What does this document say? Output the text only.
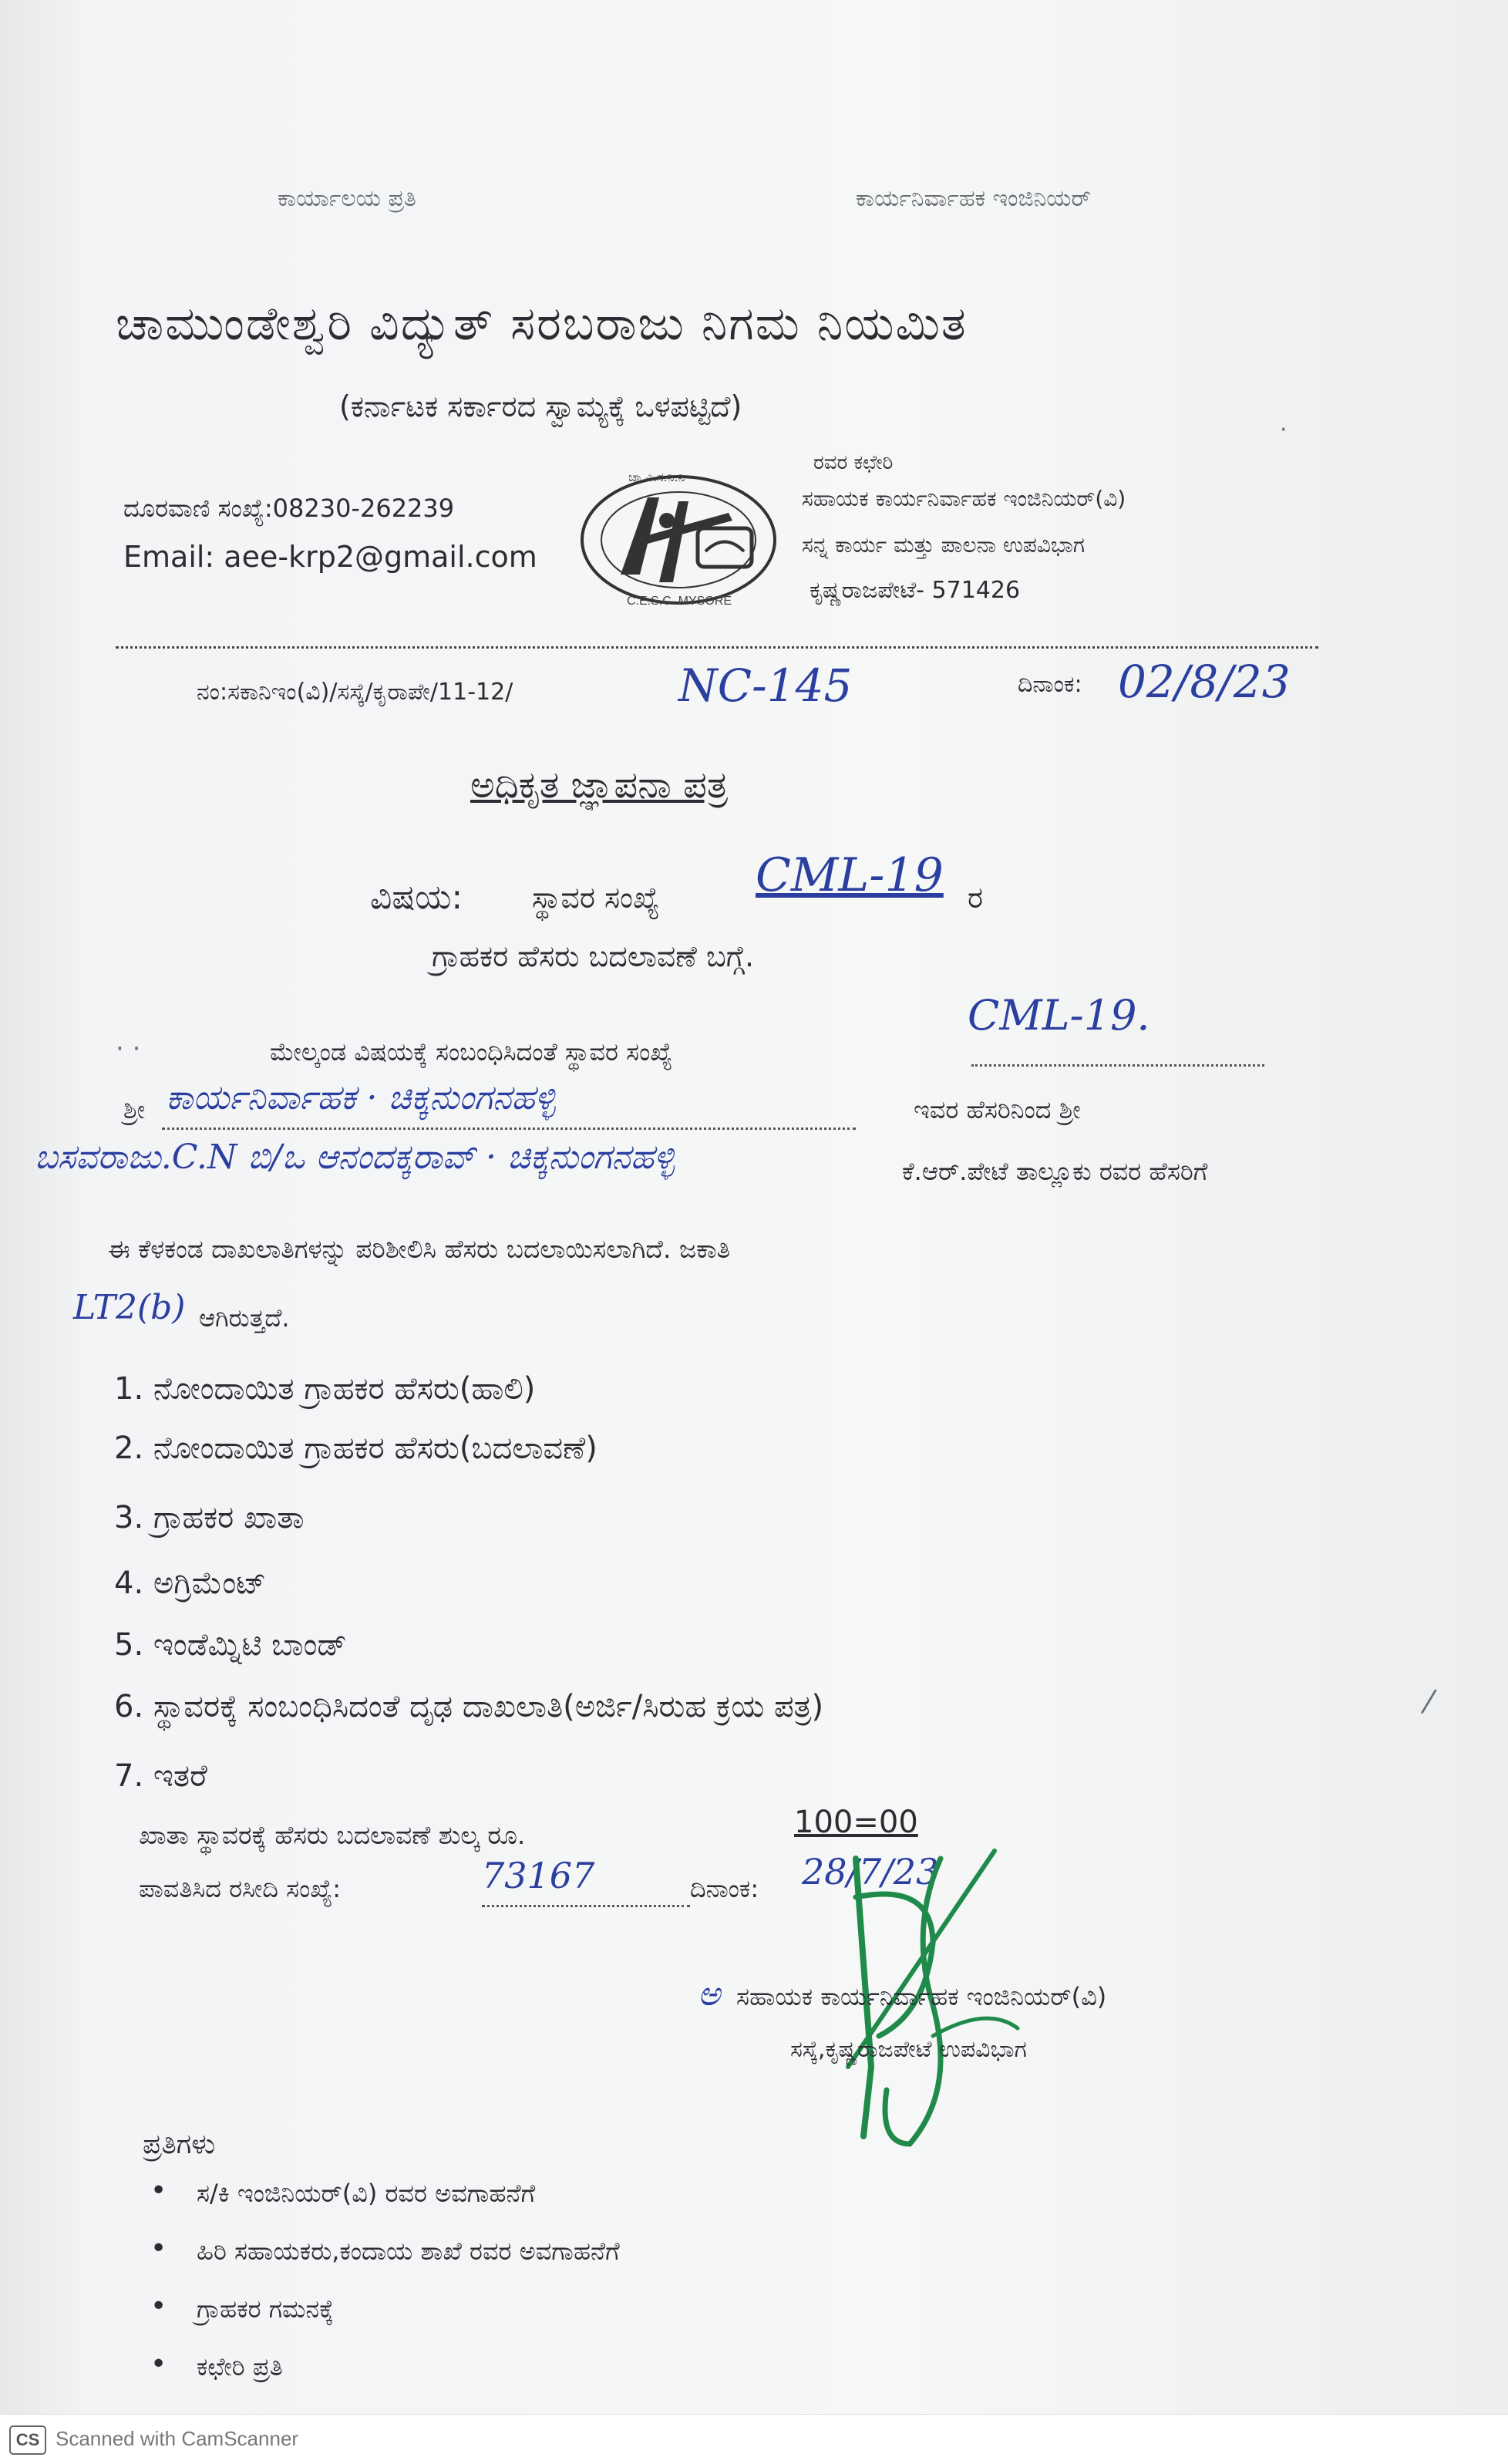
ಕಾರ್ಯಾಲಯ ಪ್ರತಿ	ಕಾರ್ಯನಿರ್ವಾಹಕ ಇಂಜಿನಿಯರ್
ಚಾಮುಂಡೇಶ್ವರಿ ವಿದ್ಯುತ್ ಸರಬರಾಜು ನಿಗಮ ನಿಯಮಿತ
(ಕರ್ನಾಟಕ ಸರ್ಕಾರದ ಸ್ವಾಮ್ಯಕ್ಕೆ ಒಳಪಟ್ಟಿದೆ)
ದೂರವಾಣಿ ಸಂಖ್ಯೆ:08230-262239
Email: aee-krp2@gmail.com
ಚಾ.ವಿ.ಸ.ನಿ.ನಿ
C.E.S.C. MYSORE
ರವರ ಕಛೇರಿ
ಸಹಾಯಕ ಕಾರ್ಯನಿರ್ವಾಹಕ ಇಂಜಿನಿಯರ್(ವಿ)
ಸನ್ನ ಕಾರ್ಯ ಮತ್ತು ಪಾಲನಾ ಉಪವಿಭಾಗ
ಕೃಷ್ಣರಾಜಪೇಟೆ- 571426
ನಂ:ಸಕಾನಿಇಂ(ವಿ)/ಸಸ್ಕೆ/ಕೃರಾಪೇ/11-12/	NC-145	ದಿನಾಂಕ: 02/8/23
ಅಧಿಕೃತ ಜ್ಞಾಪನಾ ಪತ್ರ
ವಿಷಯ: ಸ್ಥಾವರ ಸಂಖ್ಯೆ CML-19 ರ
ಗ್ರಾಹಕರ ಹೆಸರು ಬದಲಾವಣೆ ಬಗ್ಗೆ.
CML-19.
· ·	ಮೇಲ್ಕಂಡ ವಿಷಯಕ್ಕೆ ಸಂಬಂಧಿಸಿದಂತೆ ಸ್ಥಾವರ ಸಂಖ್ಯೆ
ಶ್ರೀ ಕಾರ್ಯನಿರ್ವಾಹಕ · ಚಿಕ್ಕನುಂಗನಹಳ್ಳಿ	ಇವರ ಹೆಸರಿನಿಂದ ಶ್ರೀ
ಬಸವರಾಜು.C.N ಬಿ/ಒ ಆನಂದಕ್ಕರಾವ್ · ಚಿಕ್ಕನುಂಗನಹಳ್ಳಿ	ಕೆ.ಆರ್.ಪೇಟೆ ತಾಲ್ಲೂಕು ರವರ ಹೆಸರಿಗೆ
ಈ ಕೆಳಕಂಡ ದಾಖಲಾತಿಗಳನ್ನು ಪರಿಶೀಲಿಸಿ ಹೆಸರು ಬದಲಾಯಿಸಲಾಗಿದೆ. ಜಕಾತಿ
LT2(b) ಆಗಿರುತ್ತದೆ.
1. ನೋಂದಾಯಿತ ಗ್ರಾಹಕರ ಹೆಸರು(ಹಾಲಿ)
2. ನೋಂದಾಯಿತ ಗ್ರಾಹಕರ ಹೆಸರು(ಬದಲಾವಣೆ)
3. ಗ್ರಾಹಕರ ಖಾತಾ
4. ಅಗ್ರಿಮೆಂಟ್
5. ಇಂಡೆಮ್ನಿಟಿ ಬಾಂಡ್
6. ಸ್ಥಾವರಕ್ಕೆ ಸಂಬಂಧಿಸಿದಂತೆ ದೃಢ ದಾಖಲಾತಿ(ಅರ್ಜಿ/ಸಿರುಹ ಕ್ರಯ ಪತ್ರ)
7. ಇತರೆ
ಖಾತಾ ಸ್ಥಾವರಕ್ಕೆ ಹೆಸರು ಬದಲಾವಣೆ ಶುಲ್ಕ ರೂ.	100=00
ಪಾವತಿಸಿದ ರಸೀದಿ ಸಂಖ್ಯೆ:	73167	ದಿನಾಂಕ: 28/7/23
ಅ ಸಹಾಯಕ ಕಾರ್ಯನಿರ್ವಾಹಕ ಇಂಜಿನಿಯರ್(ವಿ)
ಸಸ್ಕೆ,ಕೃಷ್ಣರಾಜಪೇಟೆ ಉಪವಿಭಾಗ
ಪ್ರತಿಗಳು
• ಸ/ಕಿ ಇಂಜಿನಿಯರ್(ವಿ) ರವರ ಅವಗಾಹನೆಗೆ
• ಹಿರಿ ಸಹಾಯಕರು,ಕಂದಾಯ ಶಾಖೆ ರವರ ಅವಗಾಹನೆಗೆ
• ಗ್ರಾಹಕರ ಗಮನಕ್ಕೆ
• ಕಛೇರಿ ಪ್ರತಿ
⁄
·
CS Scanned with CamScanner
